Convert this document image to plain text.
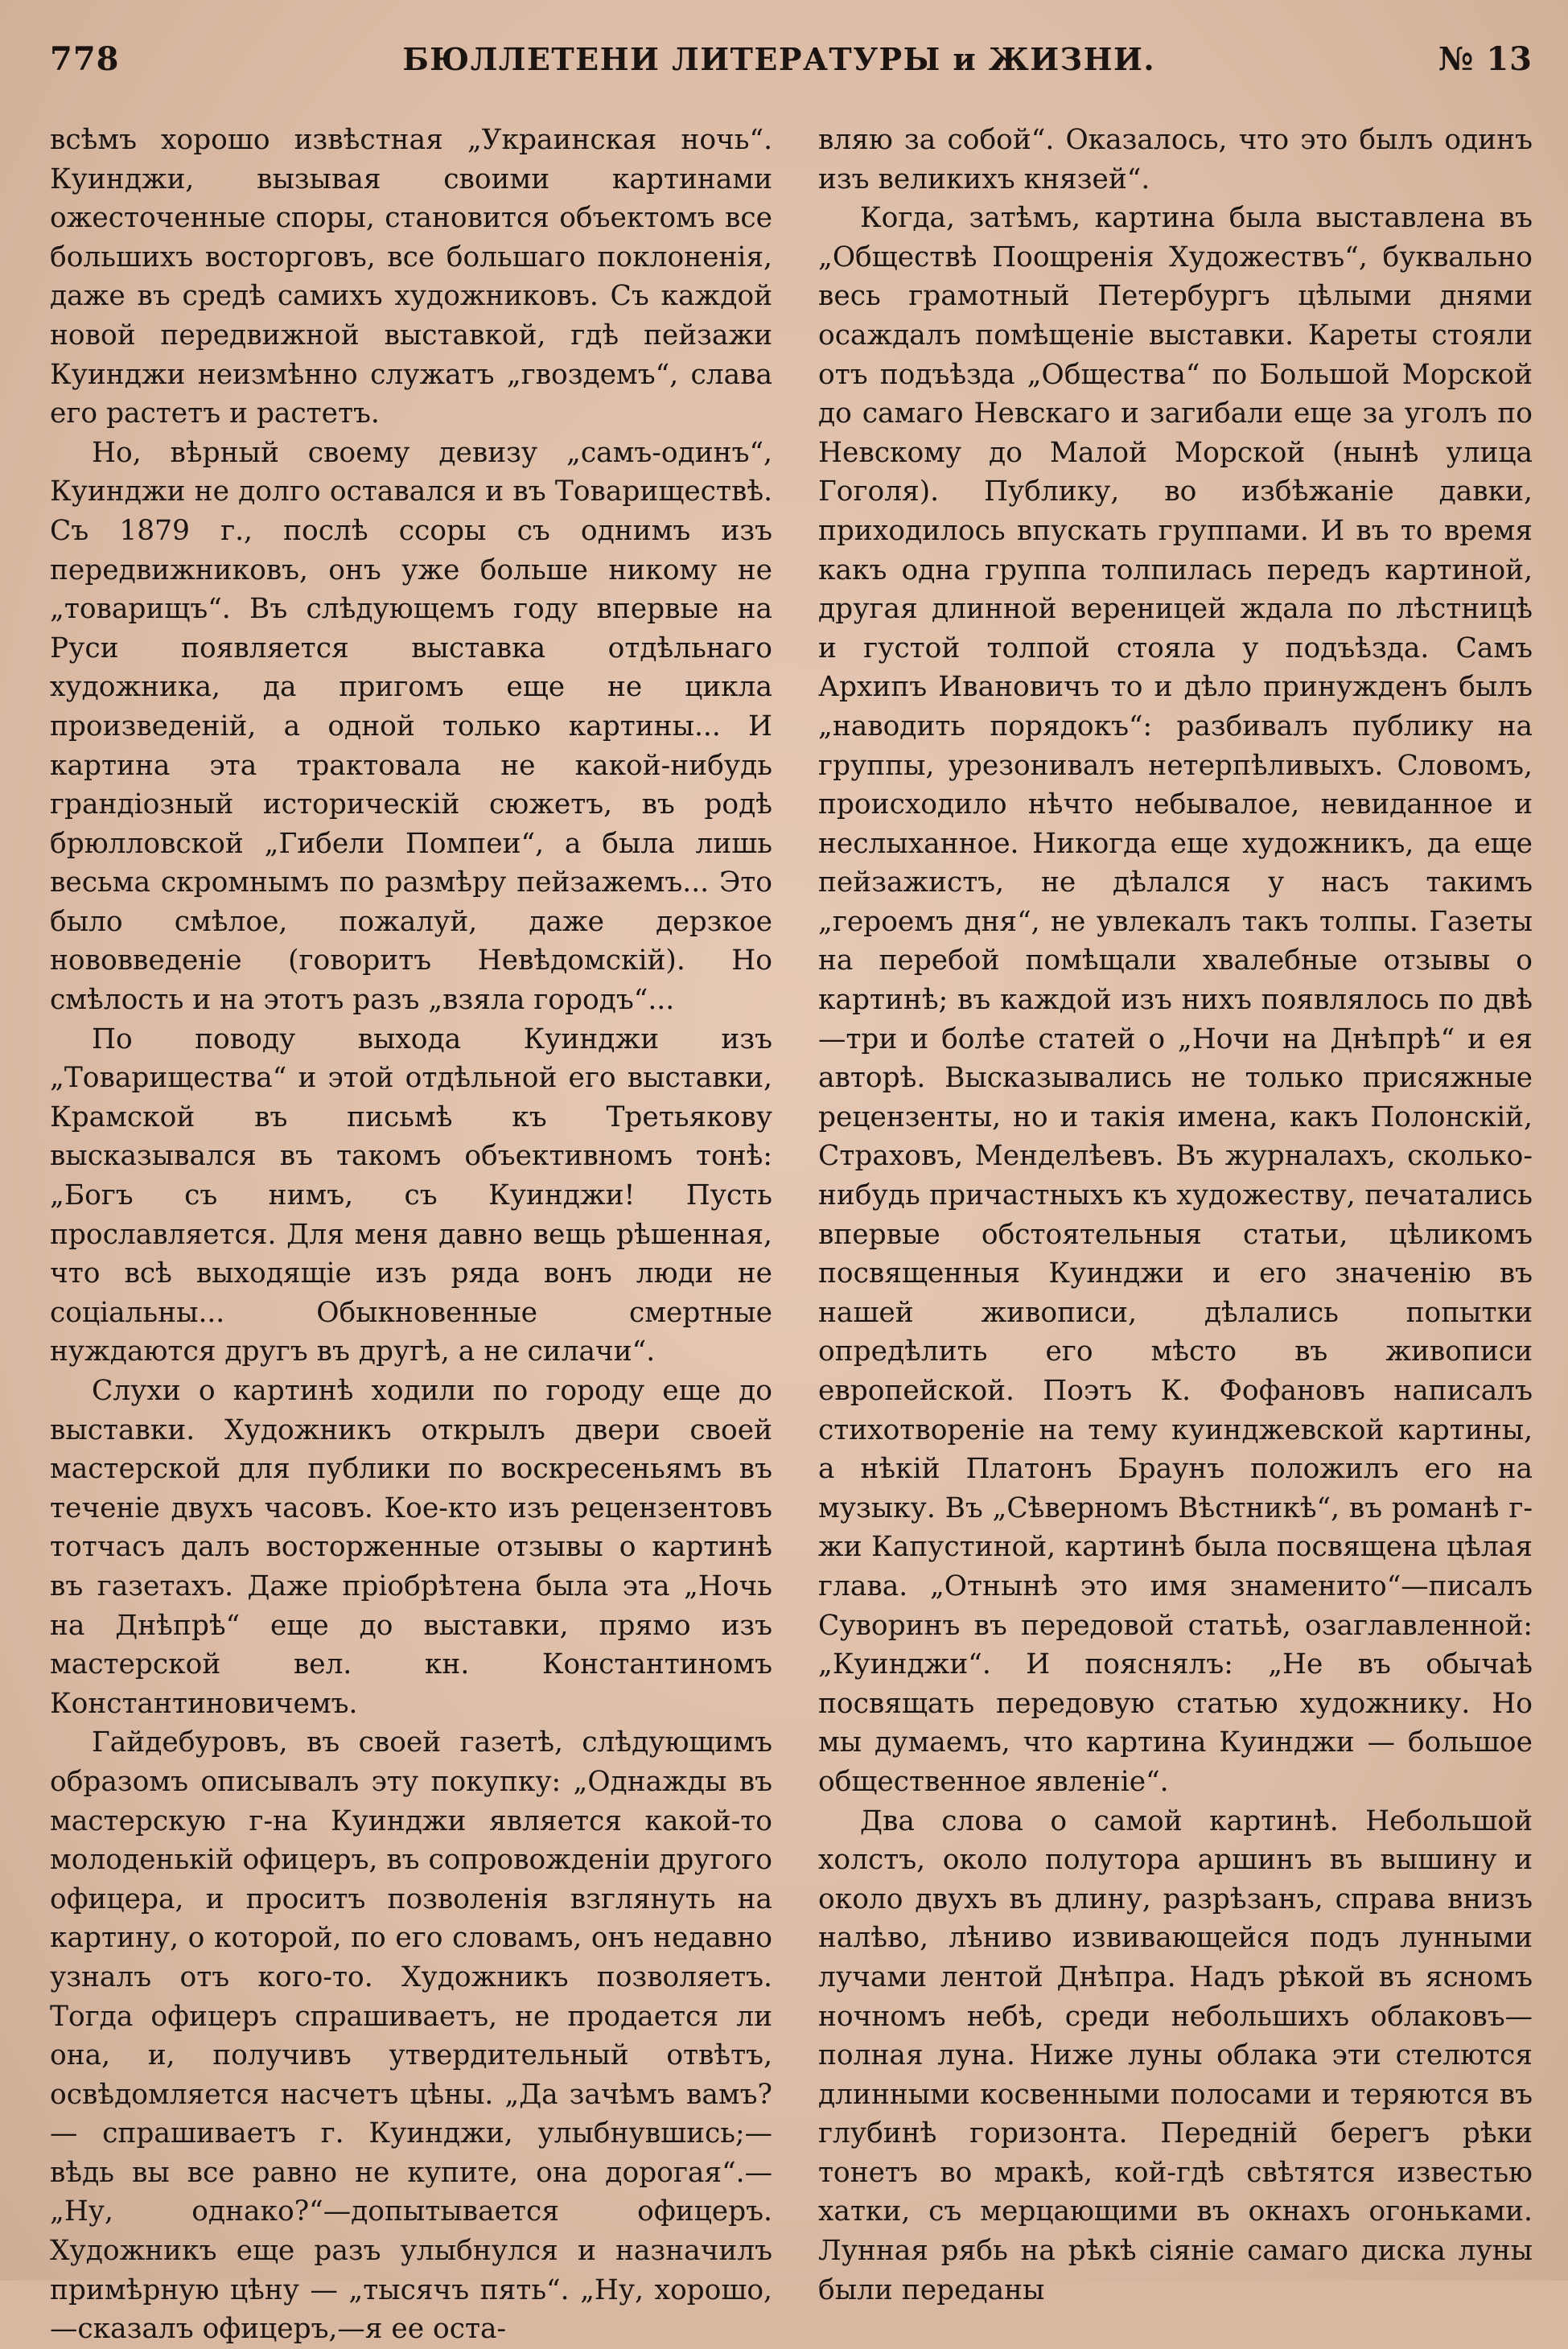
778	БЮЛЛЕТЕНИ ЛИТЕРАТУРЫ и ЖИЗНИ.	№ 13

всѣмъ хорошо извѣстная „Украинская ночь“. Куинджи, вызывая своими картинами ожесточенные споры, становится объектомъ все большихъ восторговъ, все большаго поклоненія, даже въ средѣ самихъ художниковъ. Съ каждой новой передвижной выставкой, гдѣ пейзажи Куинджи неизмѣнно служатъ „гвоздемъ“, слава его растетъ и растетъ.

Но, вѣрный своему девизу „самъ-одинъ“, Куинджи не долго оставался и въ Товариществѣ. Съ 1879 г., послѣ ссоры съ однимъ изъ передвижниковъ, онъ уже больше никому не „товарищъ“. Въ слѣдующемъ году впервые на Руси появляется выставка отдѣльнаго художника, да пригомъ еще не цикла произведеній, а одной только картины... И картина эта трактовала не какой-нибудь грандіозный историческій сюжетъ, въ родѣ брюлловской „Гибели Помпеи“, а была лишь весьма скромнымъ по размѣру пейзажемъ... Это было смѣлое, пожалуй, даже дерзкое нововведеніе (говоритъ Невѣдомскій). Но смѣлость и на этотъ разъ „взяла городъ“...

По поводу выхода Куинджи изъ „Товарищества“ и этой отдѣльной его выставки, Крамской въ письмѣ къ Третьякову высказывался въ такомъ объективномъ тонѣ: „Богъ съ нимъ, съ Куинджи! Пусть прославляется. Для меня давно вещь рѣшенная, что всѣ выходящіе изъ ряда вонъ люди не соціальны... Обыкновенные смертные нуждаются другъ въ другѣ, а не силачи“.

Слухи о картинѣ ходили по городу еще до выставки. Художникъ открылъ двери своей мастерской для публики по воскресеньямъ въ теченіе двухъ часовъ. Кое-кто изъ рецензентовъ тотчасъ далъ восторженные отзывы о картинѣ въ газетахъ. Даже пріобрѣтена была эта „Ночь на Днѣпрѣ“ еще до выставки, прямо изъ мастерской вел. кн. Константиномъ Константиновичемъ.

Гайдебуровъ, въ своей газетѣ, слѣдующимъ образомъ описывалъ эту покупку: „Однажды въ мастерскую г-на Куинджи является какой-то молоденькій офицеръ, въ сопровожденіи другого офицера, и проситъ позволенія взглянуть на картину, о которой, по его словамъ, онъ недавно узналъ отъ кого-то. Художникъ позволяетъ. Тогда офицеръ спрашиваетъ, не продается ли она, и, получивъ утвердительный отвѣтъ, освѣдомляется насчетъ цѣны. „Да зачѣмъ вамъ? — спрашиваетъ г. Куинджи, улыбнувшись;—вѣдь вы все равно не купите, она дорогая“.—„Ну, однако?“—допытывается офицеръ. Художникъ еще разъ улыбнулся и назначилъ примѣрную цѣну — „тысячъ пять“. „Ну, хорошо,—сказалъ офицеръ,—я ее оста-

вляю за собой“. Оказалось, что это былъ одинъ изъ великихъ князей“.

Когда, затѣмъ, картина была выставлена въ „Обществѣ Поощренія Художествъ“, буквально весь грамотный Петербургъ цѣлыми днями осаждалъ помѣщеніе выставки. Кареты стояли отъ подъѣзда „Общества“ по Большой Морской до самаго Невскаго и загибали еще за уголъ по Невскому до Малой Морской (нынѣ улица Гоголя). Публику, во избѣжаніе давки, приходилось впускать группами. И въ то время какъ одна группа толпилась передъ картиной, другая длинной вереницей ждала по лѣстницѣ и густой толпой стояла у подъѣзда. Самъ Архипъ Ивановичъ то и дѣло принужденъ былъ „наводить порядокъ“: разбивалъ публику на группы, урезонивалъ нетерпѣливыхъ. Словомъ, происходило нѣчто небывалое, невиданное и неслыханное. Никогда еще художникъ, да еще пейзажистъ, не дѣлался у насъ такимъ „героемъ дня“, не увлекалъ такъ толпы. Газеты на перебой помѣщали хвалебные отзывы о картинѣ; въ каждой изъ нихъ появлялось по двѣ—три и болѣе статей о „Ночи на Днѣпрѣ“ и ея авторѣ. Высказывались не только присяжные рецензенты, но и такія имена, какъ Полонскій, Страховъ, Менделѣевъ. Въ журналахъ, сколько-нибудь причастныхъ къ художеству, печатались впервые обстоятельныя статьи, цѣликомъ посвященныя Куинджи и его значенію въ нашей живописи, дѣлались попытки опредѣлить его мѣсто въ живописи европейской. Поэтъ К. Фофановъ написалъ стихотвореніе на тему куинджевской картины, а нѣкій Платонъ Браунъ положилъ его на музыку. Въ „Сѣверномъ Вѣстникѣ“, въ романѣ г-жи Капустиной, картинѣ была посвящена цѣлая глава. „Отнынѣ это имя знаменито“—писалъ Суворинъ въ передовой статьѣ, озаглавленной: „Куинджи“. И пояснялъ: „Не въ обычаѣ посвящать передовую статью художнику. Но мы думаемъ, что картина Куинджи — большое общественное явленіе“.

Два слова о самой картинѣ. Небольшой холстъ, около полутора аршинъ въ вышину и около двухъ въ длину, разрѣзанъ, справа внизъ налѣво, лѣниво извивающейся подъ лунными лучами лентой Днѣпра. Надъ рѣкой въ ясномъ ночномъ небѣ, среди небольшихъ облаковъ—полная луна. Ниже луны облака эти стелются длинными косвенными полосами и теряются въ глубинѣ горизонта. Передній берегъ рѣки тонетъ во мракѣ, кой-гдѣ свѣтятся известью хатки, съ мерцающими въ окнахъ огоньками. Лунная рябь на рѣкѣ сіяніе самаго диска луны были переданы
